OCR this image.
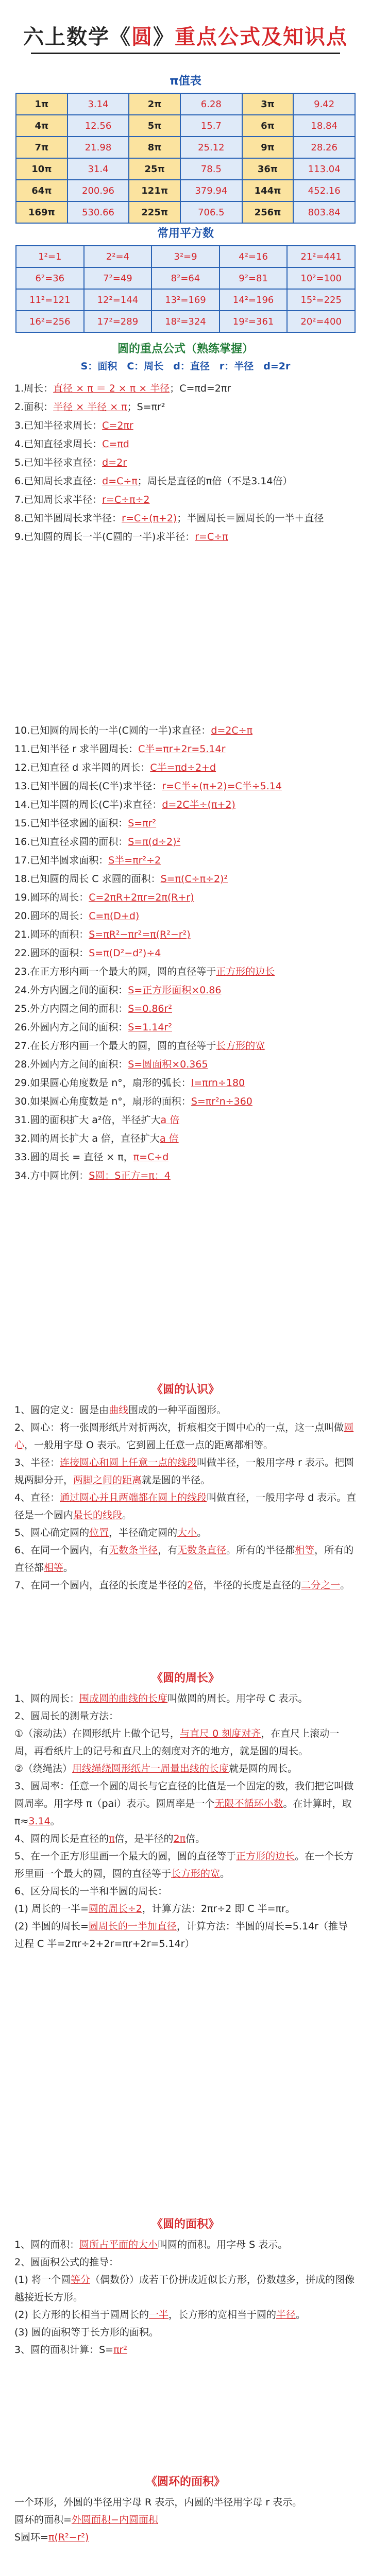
六上数学《圆》重点公式及知识点
π值表
1π	3.14	2π	6.28	3π	9.42
4π	12.56	5π	15.7	6π	18.84
7π	21.98	8π	25.12	9π	28.26
10π	31.4	25π	78.5	36π	113.04
64π	200.96	121π	379.94	144π	452.16
169π	530.66	225π	706.5	256π	803.84
常用平方数
1²=1	2²=4	3²=9	4²=16	21²=441
6²=36	7²=49	8²=64	9²=81	10²=100
11²=121	12²=144	13²=169	14²=196	15²=225
16²=256	17²=289	18²=324	19²=361	20²=400
圆的重点公式（熟练掌握）
S：面积　C：周长　d：直径　r：半径　d=2r
1.周长：直径 × π ＝ 2 × π × 半径；C=πd=2πr
2.面积：半径 × 半径 × π；S=πr²
3.已知半径求周长：C=2πr
4.已知直径求周长：C=πd
5.已知半径求直径：d=2r
6.已知周长求直径：d=C÷π；周长是直径的π倍（不是3.14倍）
7.已知周长求半径：r=C÷π÷2
8.已知半圆周长求半径：r=C÷(π+2)；半圆周长＝圆周长的一半＋直径
9.已知圆的周长一半(C圆的一半)求半径：r=C÷π
10.已知圆的周长的一半(C圆的一半)求直径：d=2C÷π
11.已知半径 r 求半圆周长：C半=πr+2r=5.14r
12.已知直径 d 求半圆的周长：C半=πd÷2+d
13.已知半圆的周长(C半)求半径：r=C半÷(π+2)=C半÷5.14
14.已知半圆的周长(C半)求直径：d=2C半÷(π+2)
15.已知半径求圆的面积：S=πr²
16.已知直径求圆的面积：S=π(d÷2)²
17.已知半圆求面积：S半=πr²÷2
18.已知圆的周长 C 求圆的面积：S=π(C÷π÷2)²
19.圆环的周长：C=2πR+2πr=2π(R+r)
20.圆环的周长：C=π(D+d)
21.圆环的面积：S=πR²−πr²=π(R²−r²)
22.圆环的面积：S=π(D²−d²)÷4
23.在正方形内画一个最大的圆，圆的直径等于正方形的边长
24.外方内圆之间的面积：S=正方形面积×0.86
25.外方内圆之间的面积：S=0.86r²
26.外圆内方之间的面积：S=1.14r²
27.在长方形内画一个最大的圆，圆的直径等于长方形的宽
28.外圆内方之间的面积：S=圆面积×0.365
29.如果圆心角度数是 n°，扇形的弧长：l=πrn÷180
30.如果圆心角度数是 n°，扇形的面积：S=πr²n÷360
31.圆的面积扩大 a²倍，半径扩大a 倍
32.圆的周长扩大 a 倍，直径扩大a 倍
33.圆的周长 = 直径 × π，π=C÷d
34.方中圆比例：S圆：S正方=π：4
《圆的认识》

1、圆的定义：圆是由曲线围成的一种平面图形。

2、圆心：将一张圆形纸片对折两次，折痕相交于圆中心的一点，这一点叫做圆心，一般用字母 O 表示。它到圆上任意一点的距离都相等。

3、半径：连接圆心和圆上任意一点的线段叫做半径，一般用字母 r 表示。把圆规两脚分开，两脚之间的距离就是圆的半径。

4、直径：通过圆心并且两端都在圆上的线段叫做直径，一般用字母 d 表示。直径是一个圆内最长的线段。

5、圆心确定圆的位置，半径确定圆的大小。

6、在同一个圆内，有无数条半径，有无数条直径。所有的半径都相等，所有的直径都相等。

7、在同一个圆内，直径的长度是半径的2倍，半径的长度是直径的二分之一。

《圆的周长》

1、圆的周长：围成圆的曲线的长度叫做圆的周长。用字母 C 表示。

2、圆周长的测量方法：

①（滚动法）在圆形纸片上做个记号，与直尺 0 刻度对齐，在直尺上滚动一周，再看纸片上的记号和直尺上的刻度对齐的地方，就是圆的周长。

②（绕绳法）用线绳绕圆形纸片一周量出线的长度就是圆的周长。

3、圆周率：任意一个圆的周长与它直径的比值是一个固定的数，我们把它叫做圆周率。用字母 π（pai）表示。圆周率是一个无限不循环小数。在计算时，取 π≈3.14。

4、圆的周长是直径的π倍，是半径的2π倍。

5、在一个正方形里画一个最大的圆，圆的直径等于正方形的边长。在一个长方形里画一个最大的圆，圆的直径等于长方形的宽。

6、区分周长的一半和半圆的周长：

(1) 周长的一半=圆的周长÷2，计算方法：2πr÷2 即 C 半=πr。

(2) 半圆的周长=圆周长的一半加直径，计算方法：半圆的周长=5.14r（推导过程 C 半=2πr÷2+2r=πr+2r=5.14r）

《圆的面积》

1、圆的面积：圆所占平面的大小叫圆的面积。用字母 S 表示。

2、圆面积公式的推导：

(1) 将一个圆等分（偶数份）成若干份拼成近似长方形，份数越多，拼成的图像越接近长方形。

(2) 长方形的长相当于圆周长的一半，长方形的宽相当于圆的半径。

(3) 圆的面积等于长方形的面积。

3、圆的面积计算：S=πr²

《圆环的面积》

一个环形，外圆的半径用字母 R 表示，内圆的半径用字母 r 表示。

圆环的面积=外圆面积−内圆面积

S圆环=π(R²−r²)
